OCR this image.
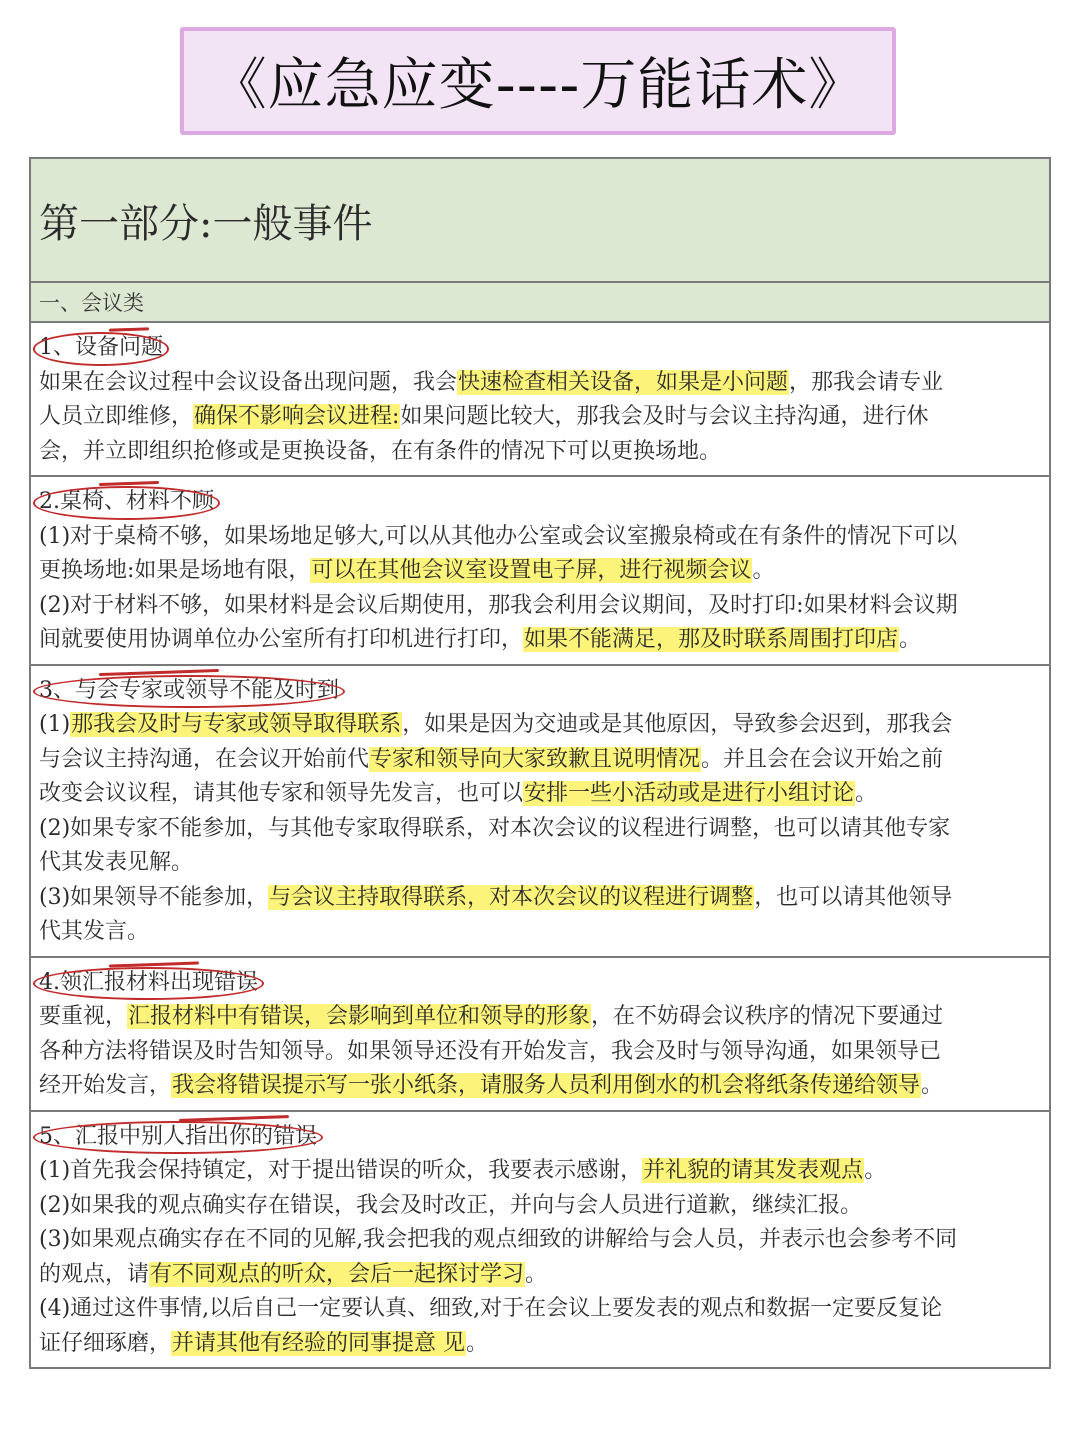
《应急应变----万能话术》
第一部分:一般事件
一、会议类
1、设备问题
如果在会议过程中会议设备出现问题，我会快速检查相关设备，如果是小问题，那我会请专业
人员立即维修，确保不影响会议进程:如果问题比较大，那我会及时与会议主持沟通，进行休
会，并立即组织抢修或是更换设备，在有条件的情况下可以更换场地。
2.桌椅、材料不顾
(1)对于桌椅不够，如果场地足够大,可以从其他办公室或会议室搬泉椅或在有条件的情况下可以
更换场地:如果是场地有限，可以在其他会议室设置电子屏，进行视频会议。
(2)对于材料不够，如果材料是会议后期使用，那我会利用会议期间，及时打印:如果材料会议期
间就要使用协调单位办公室所有打印机进行打印，如果不能满足，那及时联系周围打印店。
3、与会专家或领导不能及时到
(1)那我会及时与专家或领导取得联系，如果是因为交迪或是其他原因，导致参会迟到，那我会
与会议主持沟通，在会议开始前代专家和领导向大家致歉且说明情况。并且会在会议开始之前
改变会议议程，请其他专家和领导先发言，也可以安排一些小活动或是进行小组讨论。
(2)如果专家不能参加，与其他专家取得联系，对本次会议的议程进行调整，也可以请其他专家
代其发表见解。
(3)如果领导不能参加，与会议主持取得联系，对本次会议的议程进行调整，也可以请其他领导
代其发言。
4.领汇报材料出现错误
要重视，汇报材料中有错误，会影响到单位和领导的形象，在不妨碍会议秩序的情况下要通过
各种方法将错误及时告知领导。如果领导还没有开始发言，我会及时与领导沟通，如果领导已
经开始发言，我会将错误提示写一张小纸条，请服务人员利用倒水的机会将纸条传递给领导。
5、汇报中别人指出你的错误
(1)首先我会保持镇定，对于提出错误的听众，我要表示感谢，并礼貌的请其发表观点。
(2)如果我的观点确实存在错误，我会及时改正，并向与会人员进行道歉，继续汇报。
(3)如果观点确实存在不同的见解,我会把我的观点细致的讲解给与会人员，并表示也会参考不同
的观点，请有不同观点的听众，会后一起探讨学习。
(4)通过这件事情,以后自己一定要认真、细致,对于在会议上要发表的观点和数据一定要反复论
证仔细琢磨，并请其他有经验的同事提意 见。
